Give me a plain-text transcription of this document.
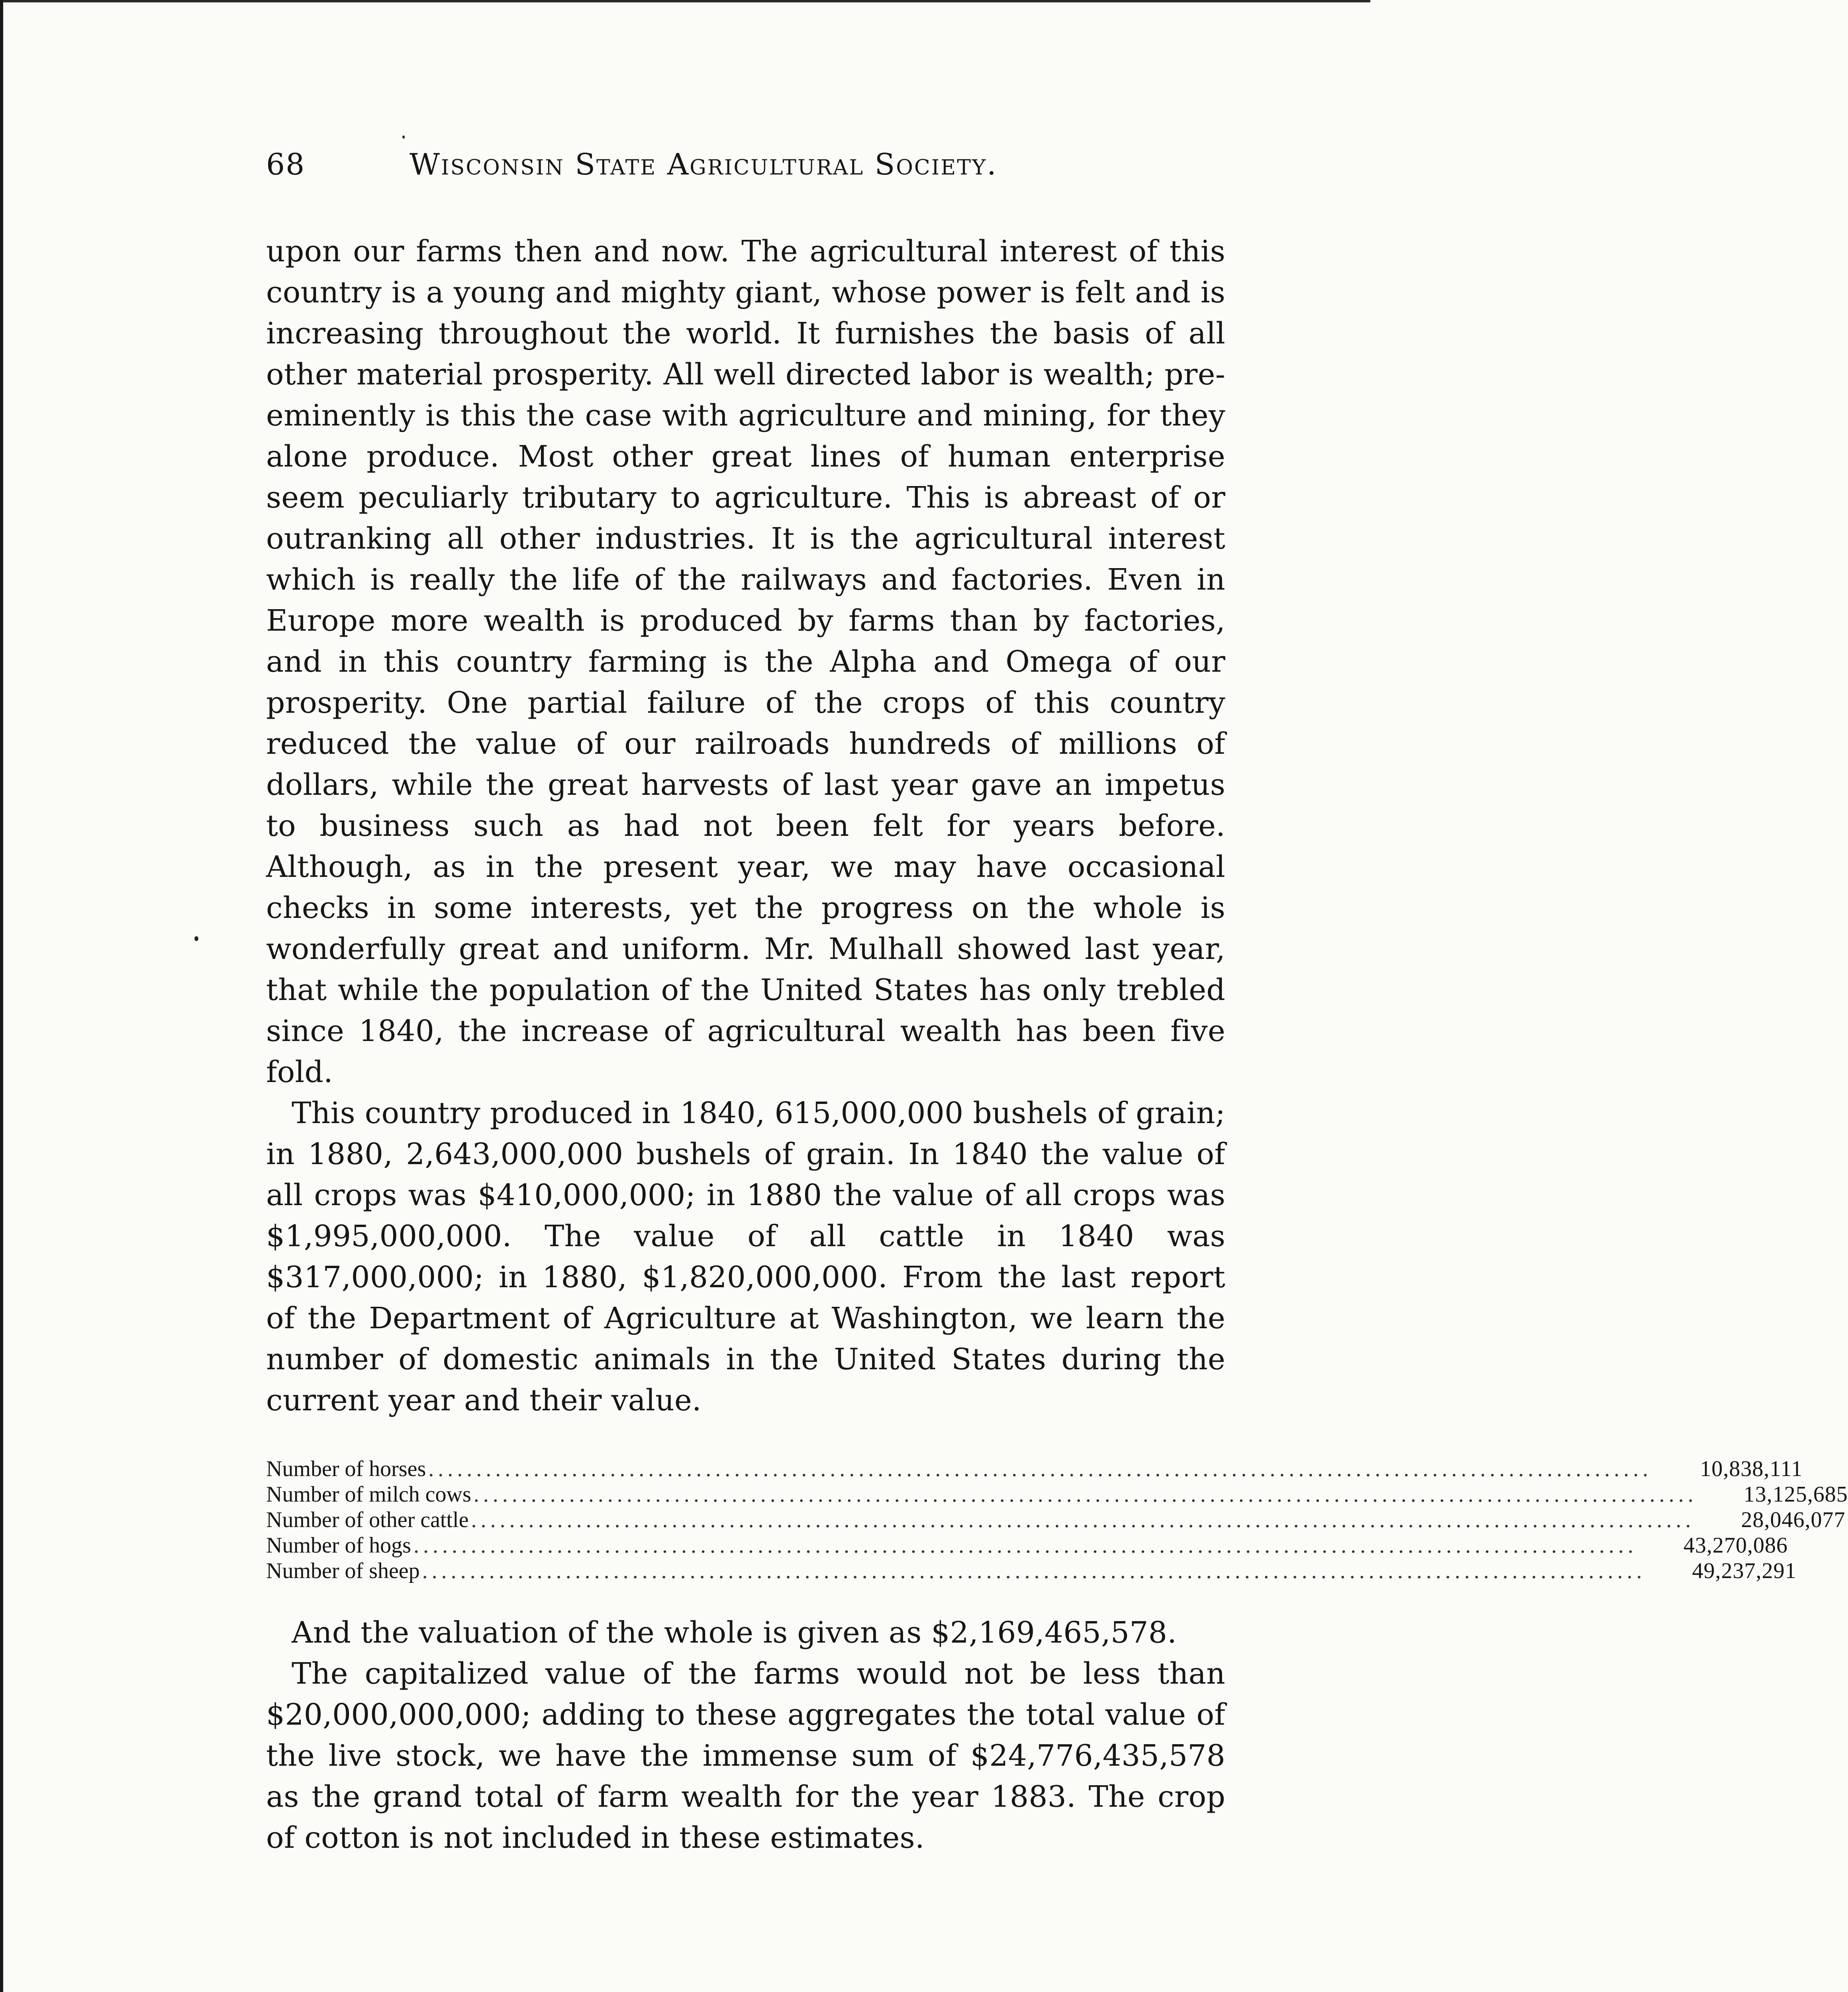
68	Wisconsin State Agricultural Society.

upon our farms then and now. The agricultural interest of this country is a young and mighty giant, whose power is felt and is increasing throughout the world. It furnishes the basis of all other material prosperity. All well directed labor is wealth; pre-eminently is this the case with agriculture and mining, for they alone produce. Most other great lines of human enterprise seem peculiarly tributary to agriculture. This is abreast of or outranking all other industries. It is the agricultural interest which is really the life of the railways and factories. Even in Europe more wealth is produced by farms than by factories, and in this country farming is the Alpha and Omega of our prosperity. One partial failure of the crops of this country reduced the value of our railroads hundreds of millions of dollars, while the great harvests of last year gave an impetus to business such as had not been felt for years before. Although, as in the present year, we may have occasional checks in some interests, yet the progress on the whole is wonderfully great and uniform. Mr. Mulhall showed last year, that while the population of the United States has only trebled since 1840, the increase of agricultural wealth has been five fold.

This country produced in 1840, 615,000,000 bushels of grain; in 1880, 2,643,000,000 bushels of grain. In 1840 the value of all crops was $410,000,000; in 1880 the value of all crops was $1,995,000,000. The value of all cattle in 1840 was $317,000,000; in 1880, $1,820,000,000. From the last report of the Department of Agriculture at Washington, we learn the number of domestic animals in the United States during the current year and their value.

Number of horses ................................................................................................................................	10,838,111
Number of milch cows ................................................................................................................................	13,125,685
Number of other cattle ................................................................................................................................	28,046,077
Number of hogs ................................................................................................................................	43,270,086
Number of sheep ................................................................................................................................	49,237,291

And the valuation of the whole is given as $2,169,465,578.

The capitalized value of the farms would not be less than $20,000,000,000; adding to these aggregates the total value of the live stock, we have the immense sum of $24,776,435,578 as the grand total of farm wealth for the year 1883. The crop of cotton is not included in these estimates.
